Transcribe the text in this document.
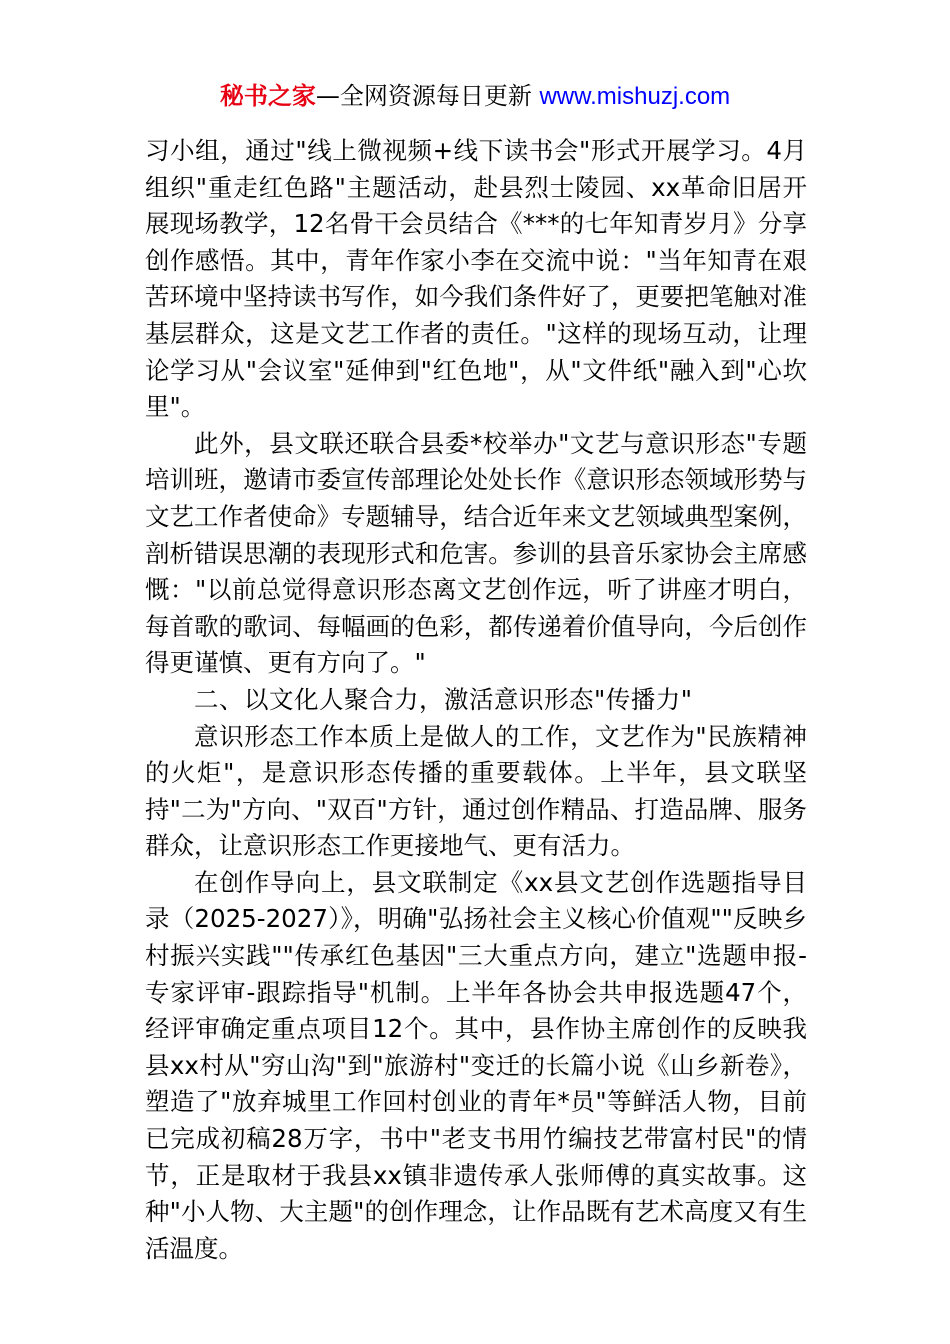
秘书之家—全网资源每日更新 www.mishuzj.com

习小组，通过"线上微视频+线下读书会"形式开展学习。4月组织"重走红色路"主题活动，赴县烈士陵园、xx革命旧居开展现场教学，12名骨干会员结合《***的七年知青岁月》分享创作感悟。其中，青年作家小李在交流中说："当年知青在艰苦环境中坚持读书写作，如今我们条件好了，更要把笔触对准基层群众，这是文艺工作者的责任。"这样的现场互动，让理论学习从"会议室"延伸到"红色地"，从"文件纸"融入到"心坎里"。

此外，县文联还联合县委*校举办"文艺与意识形态"专题培训班，邀请市委宣传部理论处处长作《意识形态领域形势与文艺工作者使命》专题辅导，结合近年来文艺领域典型案例，剖析错误思潮的表现形式和危害。参训的县音乐家协会主席感慨："以前总觉得意识形态离文艺创作远，听了讲座才明白，每首歌的歌词、每幅画的色彩，都传递着价值导向，今后创作得更谨慎、更有方向了。"

二、以文化人聚合力，激活意识形态"传播力"

意识形态工作本质上是做人的工作，文艺作为"民族精神的火炬"，是意识形态传播的重要载体。上半年，县文联坚持"二为"方向、"双百"方针，通过创作精品、打造品牌、服务群众，让意识形态工作更接地气、更有活力。

在创作导向上，县文联制定《xx县文艺创作选题指导目录（2025-2027）》，明确"弘扬社会主义核心价值观""反映乡村振兴实践""传承红色基因"三大重点方向，建立"选题申报-专家评审-跟踪指导"机制。上半年各协会共申报选题47个，经评审确定重点项目12个。其中，县作协主席创作的反映我县xx村从"穷山沟"到"旅游村"变迁的长篇小说《山乡新卷》，塑造了"放弃城里工作回村创业的青年*员"等鲜活人物，目前已完成初稿28万字，书中"老支书用竹编技艺带富村民"的情节，正是取材于我县xx镇非遗传承人张师傅的真实故事。这种"小人物、大主题"的创作理念，让作品既有艺术高度又有生活温度。
